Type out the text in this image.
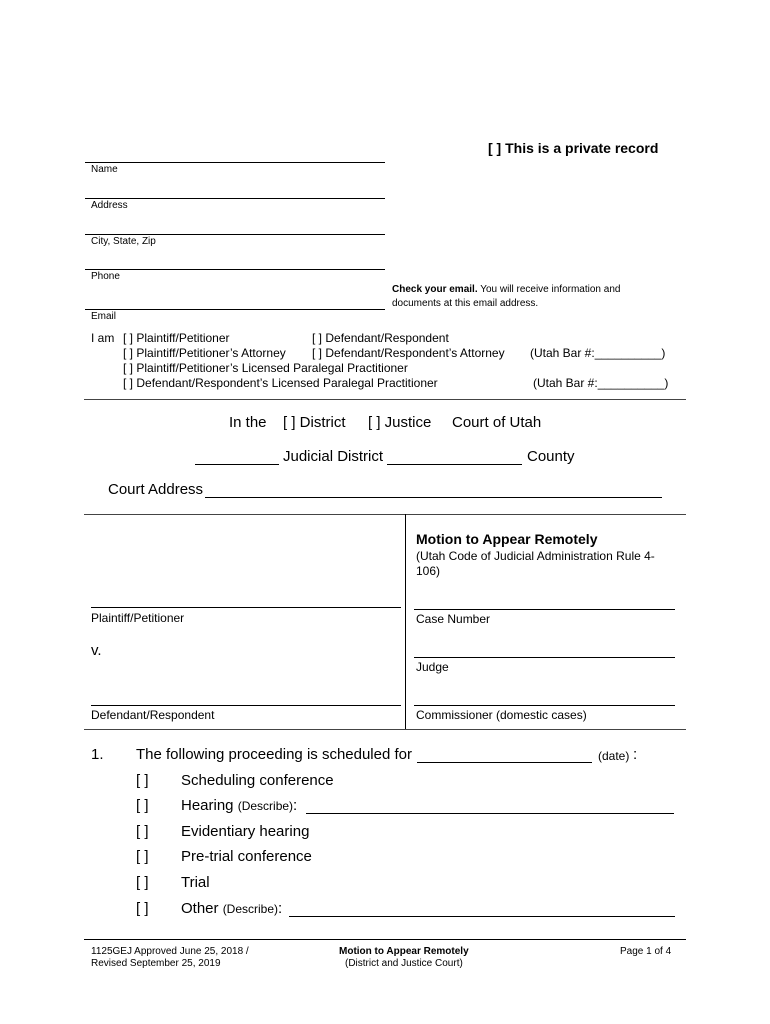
[ ] This is a private record
Name
Address
City, State, Zip
Phone
Email
Check your email. You will receive information and
documents at this email address.
I am [ ] Plaintiff/Petitioner	[ ] Defendant/Respondent
[ ] Plaintiff/Petitioner’s Attorney [ ] Defendant/Respondent’s Attorney (Utah Bar #:__________)
[ ] Plaintiff/Petitioner’s Licensed Paralegal Practitioner
[ ] Defendant/Respondent’s Licensed Paralegal Practitioner	(Utah Bar #:__________)
In the [ ] District [ ] Justice Court of Utah
Judicial District	County
Court Address
Motion to Appear Remotely
(Utah Code of Judicial Administration Rule 4-
106)
Plaintiff/Petitioner
v.
Defendant/Respondent
Case Number
Judge
Commissioner (domestic cases)
1. The following proceeding is scheduled for	(date) :
[ ] Scheduling conference
[ ] Hearing (Describe):
[ ] Evidentiary hearing
[ ] Pre-trial conference
[ ] Trial
[ ] Other (Describe):
1125GEJ Approved June 25, 2018 /
Revised September 25, 2019
Motion to Appear Remotely
(District and Justice Court)
Page 1 of 4
